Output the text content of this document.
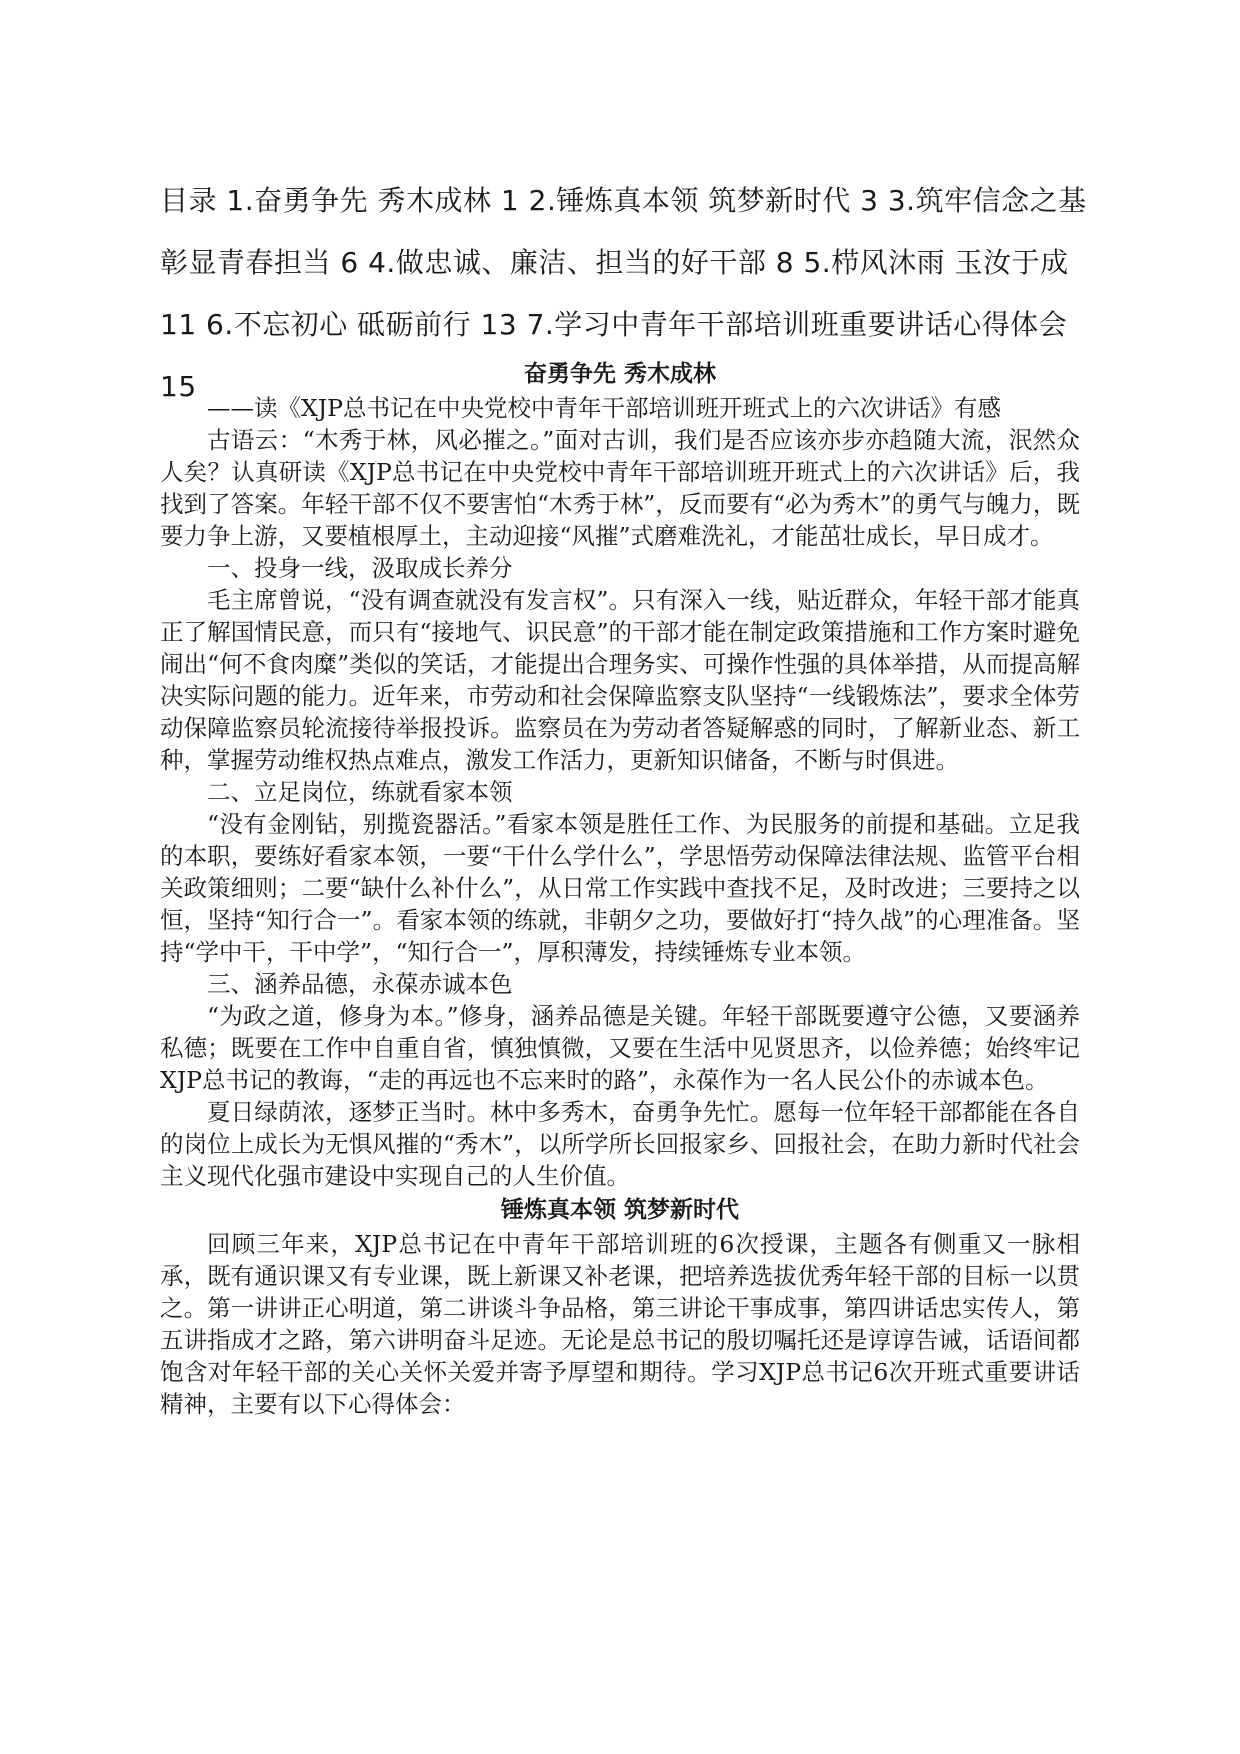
目录 1.奋勇争先 秀木成林 1 2.锤炼真本领 筑梦新时代 3 3.筑牢信念之基 彰显青春担当 6 4.做忠诚、廉洁、担当的好干部 8 5.栉风沐雨 玉汝于成 11 6.不忘初心 砥砺前行 13 7.学习中青年干部培训班重要讲话心得体会 15	奋勇争先 秀木成林

——读《XJP总书记在中央党校中青年干部培训班开班式上的六次讲话》有感

古语云：“木秀于林，风必摧之。”面对古训，我们是否应该亦步亦趋随大流，泯然众人矣？认真研读《XJP总书记在中央党校中青年干部培训班开班式上的六次讲话》后，我找到了答案。年轻干部不仅不要害怕“木秀于林”，反而要有“必为秀木”的勇气与魄力，既要力争上游，又要植根厚土，主动迎接“风摧”式磨难洗礼，才能茁壮成长，早日成才。

一、投身一线，汲取成长养分

毛主席曾说，“没有调查就没有发言权”。只有深入一线，贴近群众，年轻干部才能真正了解国情民意，而只有“接地气、识民意”的干部才能在制定政策措施和工作方案时避免闹出“何不食肉糜”类似的笑话，才能提出合理务实、可操作性强的具体举措，从而提高解决实际问题的能力。近年来，市劳动和社会保障监察支队坚持“一线锻炼法”，要求全体劳动保障监察员轮流接待举报投诉。监察员在为劳动者答疑解惑的同时，了解新业态、新工种，掌握劳动维权热点难点，激发工作活力，更新知识储备，不断与时俱进。

二、立足岗位，练就看家本领

“没有金刚钻，别揽瓷器活。”看家本领是胜任工作、为民服务的前提和基础。立足我的本职，要练好看家本领，一要“干什么学什么”，学思悟劳动保障法律法规、监管平台相关政策细则；二要“缺什么补什么”，从日常工作实践中查找不足，及时改进；三要持之以恒，坚持“知行合一”。看家本领的练就，非朝夕之功，要做好打“持久战”的心理准备。坚持“学中干，干中学”，“知行合一”，厚积薄发，持续锤炼专业本领。

三、涵养品德，永葆赤诚本色

“为政之道，修身为本。”修身，涵养品德是关键。年轻干部既要遵守公德，又要涵养私德；既要在工作中自重自省，慎独慎微，又要在生活中见贤思齐，以俭养德；始终牢记XJP总书记的教诲，“走的再远也不忘来时的路”，永葆作为一名人民公仆的赤诚本色。

夏日绿荫浓，逐梦正当时。林中多秀木，奋勇争先忙。愿每一位年轻干部都能在各自的岗位上成长为无惧风摧的“秀木”，以所学所长回报家乡、回报社会，在助力新时代社会主义现代化强市建设中实现自己的人生价值。

锤炼真本领 筑梦新时代

回顾三年来，XJP总书记在中青年干部培训班的6次授课，主题各有侧重又一脉相承，既有通识课又有专业课，既上新课又补老课，把培养选拔优秀年轻干部的目标一以贯之。第一讲讲正心明道，第二讲谈斗争品格，第三讲论干事成事，第四讲话忠实传人，第五讲指成才之路，第六讲明奋斗足迹。无论是总书记的殷切嘱托还是谆谆告诫，话语间都饱含对年轻干部的关心关怀关爱并寄予厚望和期待。学习XJP总书记6次开班式重要讲话精神，主要有以下心得体会：
